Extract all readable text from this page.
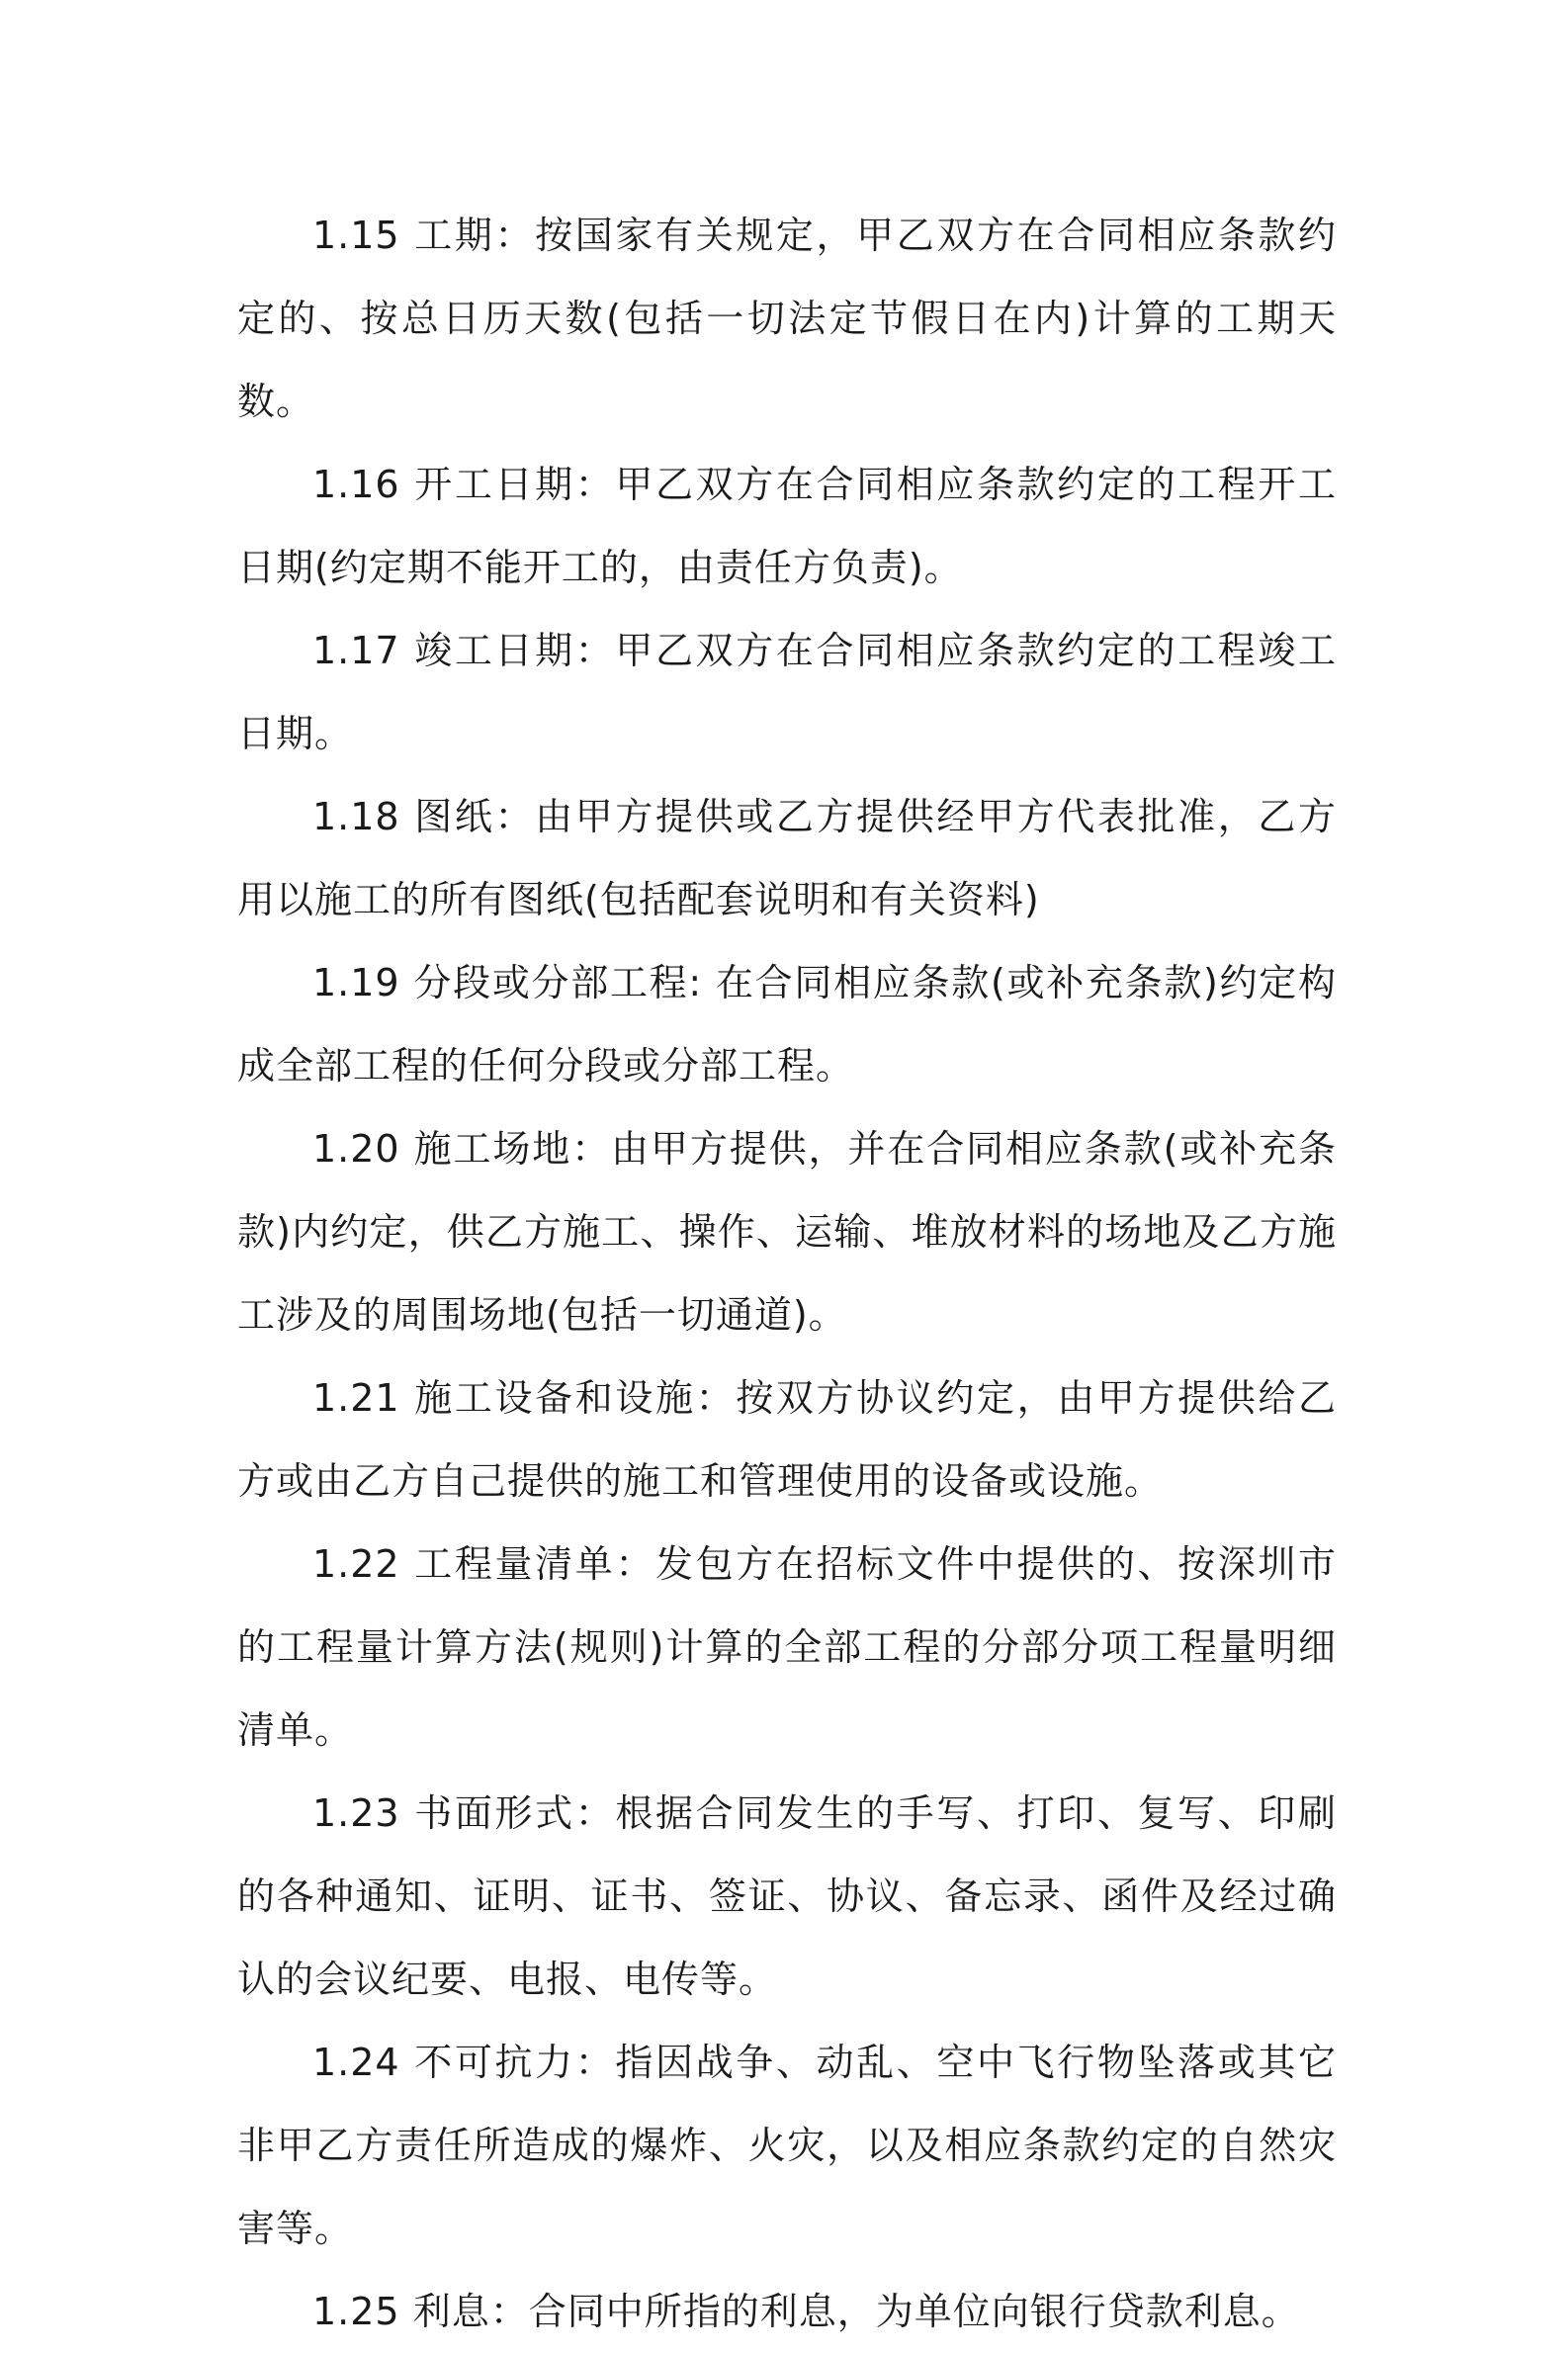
1.15 工期：按国家有关规定，甲乙双方在合同相应条款约定的、按总日历天数(包括一切法定节假日在内)计算的工期天数。

1.16 开工日期：甲乙双方在合同相应条款约定的工程开工日期(约定期不能开工的，由责任方负责)。

1.17 竣工日期：甲乙双方在合同相应条款约定的工程竣工日期。

1.18 图纸：由甲方提供或乙方提供经甲方代表批准，乙方用以施工的所有图纸(包括配套说明和有关资料)

1.19 分段或分部工程: 在合同相应条款(或补充条款)约定构成全部工程的任何分段或分部工程。

1.20 施工场地：由甲方提供，并在合同相应条款(或补充条款)内约定，供乙方施工、操作、运输、堆放材料的场地及乙方施工涉及的周围场地(包括一切通道)。

1.21 施工设备和设施：按双方协议约定，由甲方提供给乙方或由乙方自己提供的施工和管理使用的设备或设施。

1.22 工程量清单：发包方在招标文件中提供的、按深圳市的工程量计算方法(规则)计算的全部工程的分部分项工程量明细清单。

1.23 书面形式：根据合同发生的手写、打印、复写、印刷的各种通知、证明、证书、签证、协议、备忘录、函件及经过确认的会议纪要、电报、电传等。

1.24 不可抗力：指因战争、动乱、空中飞行物坠落或其它非甲乙方责任所造成的爆炸、火灾，以及相应条款约定的自然灾害等。

1.25 利息：合同中所指的利息，为单位向银行贷款利息。
